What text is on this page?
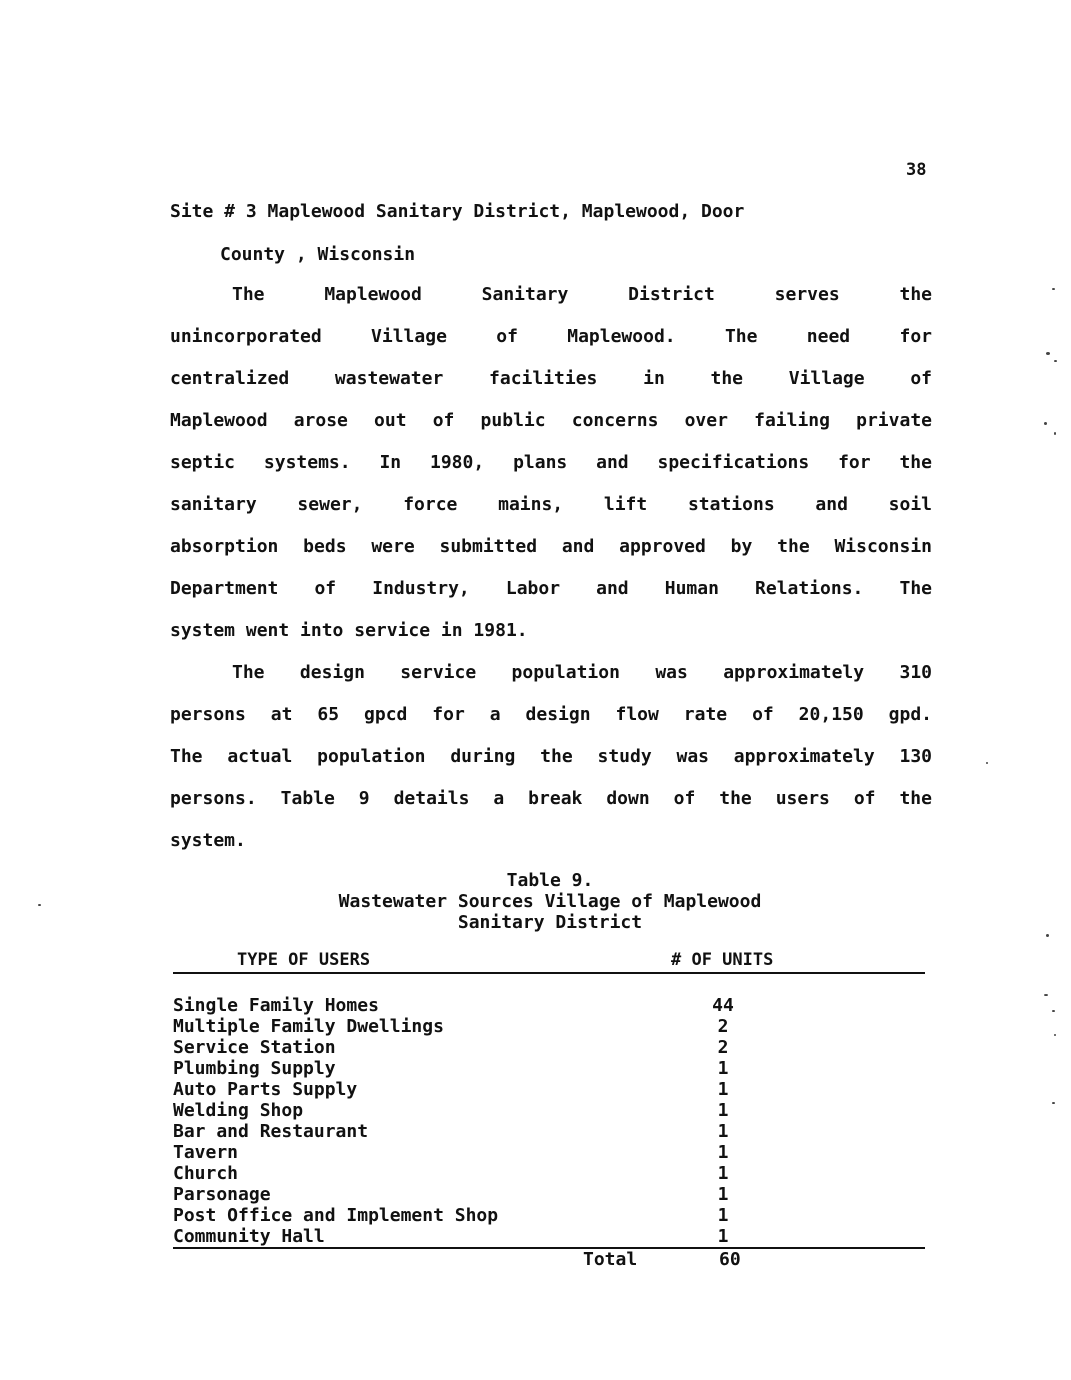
38
Site # 3 Maplewood Sanitary District, Maplewood, Door
County , Wisconsin
The Maplewood Sanitary District serves the
unincorporated Village of Maplewood. The need for
centralized wastewater facilities in the Village of
Maplewood arose out of public concerns over failing private
septic systems. In 1980, plans and specifications for the
sanitary sewer, force mains, lift stations and soil
absorption beds were submitted and approved by the Wisconsin
Department of Industry, Labor and Human Relations. The
system went into service in 1981.
The design service population was approximately 310
persons at 65 gpcd for a design flow rate of 20,150 gpd.
The actual population during the study was approximately 130
persons. Table 9 details a break down of the users of the
system.
Table 9.
Wastewater Sources Village of Maplewood
Sanitary District
TYPE OF USERS	# OF UNITS
Single Family Homes	44
Multiple Family Dwellings	2
Service Station	2
Plumbing Supply	1
Auto Parts Supply	1
Welding Shop	1
Bar and Restaurant	1
Tavern	1
Church	1
Parsonage	1
Post Office and Implement Shop	1
Community Hall	1
Total	60
